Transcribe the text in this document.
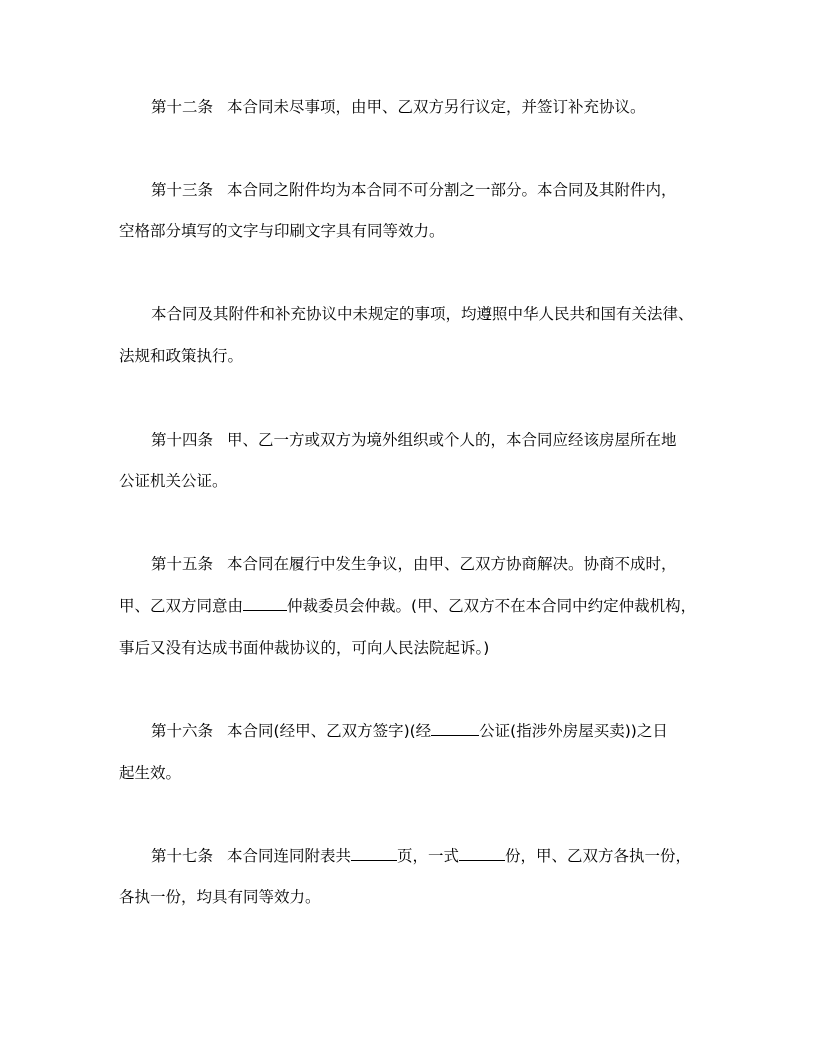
第十二条 本合同未尽事项，由甲、乙双方另行议定，并签订补充协议。
第十三条 本合同之附件均为本合同不可分割之一部分。本合同及其附件内，
空格部分填写的文字与印刷文字具有同等效力。
本合同及其附件和补充协议中未规定的事项，均遵照中华人民共和国有关法律、
法规和政策执行。
第十四条 甲、乙一方或双方为境外组织或个人的，本合同应经该房屋所在地
公证机关公证。
第十五条 本合同在履行中发生争议，由甲、乙双方协商解决。协商不成时，
甲、乙双方同意由	仲裁委员会仲裁。(甲、乙双方不在本合同中约定仲裁机构，
事后又没有达成书面仲裁协议的，可向人民法院起诉。)
第十六条 本合同(经甲、乙双方签字)(经	公证(指涉外房屋买卖))之日
起生效。
第十七条 本合同连同附表共	页，一式	份，甲、乙双方各执一份，
各执一份，均具有同等效力。
